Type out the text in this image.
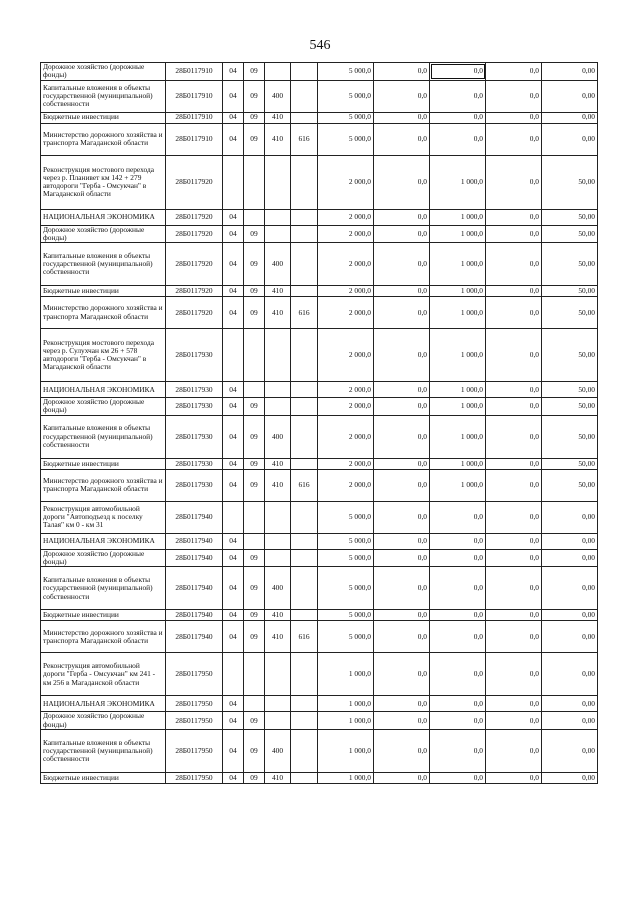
546
Дорожное хозяйство (дорожные фонды)	28Б0117910	04	09			5 000,0	0,0	0,0	0,0	0,00
Капитальные вложения в объекты государственной (муниципальной) собственности	28Б0117910	04	09	400		5 000,0	0,0	0,0	0,0	0,00
Бюджетные инвестиции	28Б0117910	04	09	410		5 000,0	0,0	0,0	0,0	0,00
Министерство дорожного хозяйства и транспорта Магаданской области	28Б0117910	04	09	410	616	5 000,0	0,0	0,0	0,0	0,00
Реконструкция мостового перехода через р. Планивет км 142 + 279 автодороги "Герба - Омсукчан" в Магаданской области	28Б0117920					2 000,0	0,0	1 000,0	0,0	50,00
НАЦИОНАЛЬНАЯ ЭКОНОМИКА	28Б0117920	04				2 000,0	0,0	1 000,0	0,0	50,00
Дорожное хозяйство (дорожные фонды)	28Б0117920	04	09			2 000,0	0,0	1 000,0	0,0	50,00
Капитальные вложения в объекты государственной (муниципальной) собственности	28Б0117920	04	09	400		2 000,0	0,0	1 000,0	0,0	50,00
Бюджетные инвестиции	28Б0117920	04	09	410		2 000,0	0,0	1 000,0	0,0	50,00
Министерство дорожного хозяйства и транспорта Магаданской области	28Б0117920	04	09	410	616	2 000,0	0,0	1 000,0	0,0	50,00
Реконструкция мостового перехода через р. Сулухчан км 26 + 578 автодороги "Герба - Омсукчан" в Магаданской области	28Б0117930					2 000,0	0,0	1 000,0	0,0	50,00
НАЦИОНАЛЬНАЯ ЭКОНОМИКА	28Б0117930	04				2 000,0	0,0	1 000,0	0,0	50,00
Дорожное хозяйство (дорожные фонды)	28Б0117930	04	09			2 000,0	0,0	1 000,0	0,0	50,00
Капитальные вложения в объекты государственной (муниципальной) собственности	28Б0117930	04	09	400		2 000,0	0,0	1 000,0	0,0	50,00
Бюджетные инвестиции	28Б0117930	04	09	410		2 000,0	0,0	1 000,0	0,0	50,00
Министерство дорожного хозяйства и транспорта Магаданской области	28Б0117930	04	09	410	616	2 000,0	0,0	1 000,0	0,0	50,00
Реконструкция автомобильной дороги "Автоподъезд к поселку Талая" км 0 - км 31	28Б0117940					5 000,0	0,0	0,0	0,0	0,00
НАЦИОНАЛЬНАЯ ЭКОНОМИКА	28Б0117940	04				5 000,0	0,0	0,0	0,0	0,00
Дорожное хозяйство (дорожные фонды)	28Б0117940	04	09			5 000,0	0,0	0,0	0,0	0,00
Капитальные вложения в объекты государственной (муниципальной) собственности	28Б0117940	04	09	400		5 000,0	0,0	0,0	0,0	0,00
Бюджетные инвестиции	28Б0117940	04	09	410		5 000,0	0,0	0,0	0,0	0,00
Министерство дорожного хозяйства и транспорта Магаданской области	28Б0117940	04	09	410	616	5 000,0	0,0	0,0	0,0	0,00
Реконструкция автомобильной дороги "Герба - Омсукчан" км 241 - км 256 в Магаданской области	28Б0117950					1 000,0	0,0	0,0	0,0	0,00
НАЦИОНАЛЬНАЯ ЭКОНОМИКА	28Б0117950	04				1 000,0	0,0	0,0	0,0	0,00
Дорожное хозяйство (дорожные фонды)	28Б0117950	04	09			1 000,0	0,0	0,0	0,0	0,00
Капитальные вложения в объекты государственной (муниципальной) собственности	28Б0117950	04	09	400		1 000,0	0,0	0,0	0,0	0,00
Бюджетные инвестиции	28Б0117950	04	09	410		1 000,0	0,0	0,0	0,0	0,00
